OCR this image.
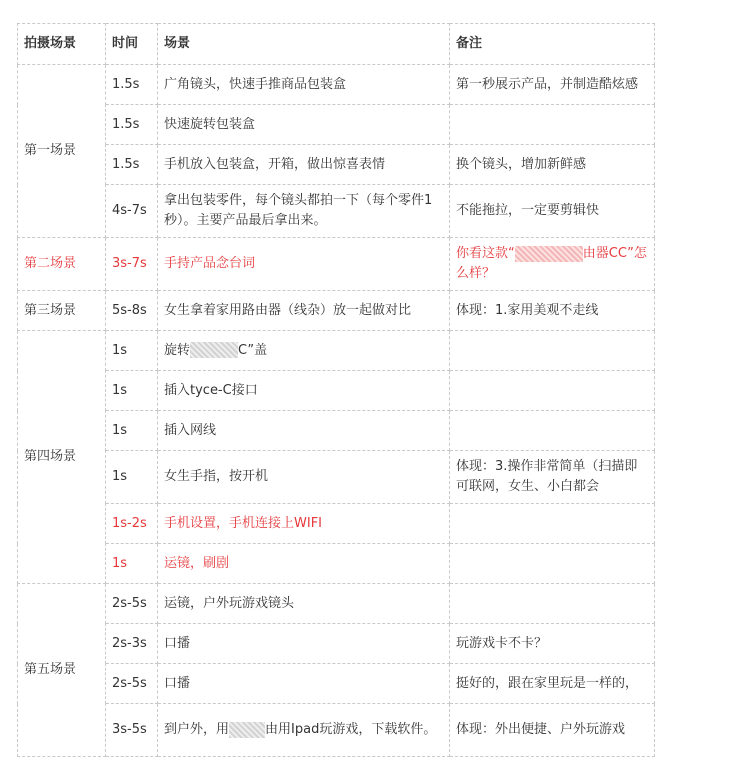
拍摄场景	时间	场景	备注
第一场景	1.5s	广角镜头，快速手推商品包装盒	第一秒展示产品，并制造酷炫感
	1.5s	快速旋转包装盒	
	1.5s	手机放入包装盒，开箱，做出惊喜表情	换个镜头，增加新鲜感
	4s-7s	拿出包装零件，每个镜头都拍一下（每个零件1秒）。主要产品最后拿出来。	不能拖拉，一定要剪辑快
第二场景	3s-7s	手持产品念台词	你看这款“ 由器CC”怎么样？
第三场景	5s-8s	女生拿着家用路由器（线杂）放一起做对比	体现：1.家用美观不走线
第四场景	1s	旋转 C”盖	
	1s	插入tyce-C接口	
	1s	插入网线	
	1s	女生手指，按开机	体现：3.操作非常简单（扫描即可联网，女生、小白都会
	1s-2s	手机设置，手机连接上WIFI	
	1s	运镜，刷剧	
第五场景	2s-5s	运镜，户外玩游戏镜头	
	2s-3s	口播	玩游戏卡不卡？
	2s-5s	口播	挺好的，跟在家里玩是一样的，
	3s-5s	到户外，用 由用Ipad玩游戏，下载软件。	体现：外出便捷、户外玩游戏
